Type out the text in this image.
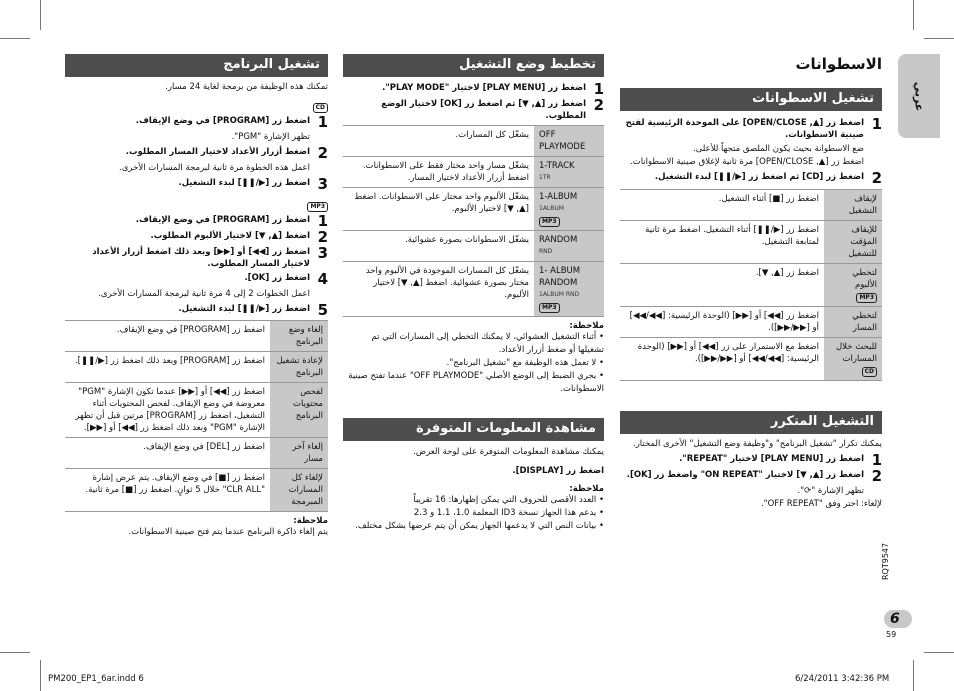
عربي
الاسطوانات
تشغيل الاسطوانات
1
اضغط زر [▲, OPEN/CLOSE] على الموحدة الرئيسية لفتح صينية الاسطوانات.
ضع الاسطوانة بحيث يكون الملصق متجهاً للأعلى.
اضغط زر [▲, OPEN/CLOSE] مرة ثانية لإغلاق صينية الاسطوانات.
2
اضغط زر [CD] ثم اضغط زر [▶/❚❚] لبدء التشغيل.
لإيقاف التشغيل	اضغط زر [■] أثناء التشغيل.
للإيقاف المؤقت للتشغيل	اضغط زر [▶/❚❚] أثناء التشغيل. اضغط مرة ثانية لمتابعة التشغيل.
لتخطي الألبوم
MP3	اضغط زر [▲, ▼].
لتخطي المسار	اضغط زر [◀◀] أو [▶▶] (الوحدة الرئيسية: [◀◀/◀◀] أو [▶▶/▶▶]).
للبحث خلال المسارات
CD	اضغط مع الاستمرار على زر [◀◀] أو [▶▶] (الوحدة الرئيسية: [◀◀/◀◀] أو [▶▶/▶▶]).
التشغيل المتكرر
يمكنك تكرار "تشغيل البرنامج" و"وظيفة وضع التشغيل" الأخرى المختار.
1
اضغط زر [PLAY MENU] لاختيار "REPEAT".
2
اضغط زر [▲, ▼] لاختيار "ON REPEAT" واضغط زر [OK].
تظهر الإشارة "⟳".
لإلغاء: اختر وفق "OFF REPEAT".
تخطيط وضع التشغيل
1
اضغط زر [PLAY MENU] لاختيار "PLAY MODE".
2
اضغط زر [▲, ▼] ثم اضغط زر [OK] لاختيار الوضع المطلوب.
OFF PLAYMODE	يشغّل كل المسارات.

1-TRACK
1TR	يشغّل مسار واحد مختار فقط على الاسطوانات. اضغط أزرار الأعداد لاختيار المسار.

1-ALBUM
1ALBUM
MP3	يشغّل الألبوم واحد مختار على الاسطوانات. اضغط [▲, ▼] لاختيار الألبوم.

RANDOM
RND	يشغّل الاسطوانات بصورة عشوائية.

1- ALBUM RANDOM
1ALBUM RND
MP3	يشغّل كل المسارات الموجودة في الألبوم واحد مختار بصورة عشوائية. اضغط [▲, ▼] لاختيار الألبوم.
ملاحظة:
• أثناء التشغيل العشوائي، لا يمكنك التخطي إلى المسارات التي تم تشغيلها أو ضغط أزرار الأعداد.
• لا تعمل هذه الوظيفة مع "تشغيل البرنامج".
• يجري الضبط إلى الوضع الأصلي "OFF PLAYMODE" عندما تفتح صينية الاسطوانات.
مشاهدة المعلومات المتوفرة
يمكنك مشاهدة المعلومات المتوفرة على لوحة العرض.
اضغط زر [DISPLAY].
ملاحظة:
• العدد الأقصى للحروف التي يمكن إظهارها: 16 تقريباً
• يدعم هذا الجهاز نسخة ID3 المعلمة 1.0، 1.1 و 2.3
• بيانات النص التي لا يدعمها الجهاز يمكن أن يتم عرضها بشكل مختلف.
تشغيل البرنامج
تمكنك هذه الوظيفة من برمجة لغاية 24 مسار.
CD
1
اضغط زر [PROGRAM] في وضع الإيقاف.
تظهر الإشارة "PGM".
2
اضغط أزرار الأعداد لاختيار المسار المطلوب.
اعمل هذه الخطوة مرة ثانية لبرمجة المسارات الأخرى.
3
اضغط زر [▶/❚❚] لبدء التشغيل.
MP3
1
اضغط زر [PROGRAM] في وضع الإيقاف.
2
اضغط [▲, ▼] لاختيار الألبوم المطلوب.
3
اضغط زر [◀◀] أو [▶▶] وبعد ذلك اضغط أزرار الأعداد لاختيار المسار المطلوب.
4
اضغط زر [OK].
اعمل الخطوات 2 إلى 4 مرة ثانية لبرمجة المسارات الأخرى.
5
اضغط زر [▶/❚❚] لبدء التشغيل.
إلغاء وضع البرنامج	اضغط زر [PROGRAM] في وضع الإيقاف.
لإعادة تشغيل البرنامج	اضغط زر [PROGRAM] وبعد ذلك اضغط زر [▶/❚❚].
لفحص محتويات البرنامج	اضغط زر [◀◀] أو [▶▶] عندما تكون الإشارة "PGM" معروضة في وضع الإيقاف. لفحص المحتويات أثناء التشغيل، اضغط زر [PROGRAM] مرتين قبل أن تظهر الإشارة "PGM" وبعد ذلك اضغط زر [◀◀] أو [▶▶].
إلغاء آخر مسار	اضغط زر [DEL] في وضع الإيقاف.
لإلغاء كل المسارات المبرمجة	اضغط زر [■] في وضع الإيقاف. يتم عرض إشارة "CLR ALL" خلال 5 ثوانٍ. اضغط زر [■] مرة ثانية.
ملاحظة:
يتم إلغاء ذاكرة البرنامج عندما يتم فتح صينية الاسطوانات.
RQT9547
6
59
PM200_EP1_6ar.indd 6	6/24/2011 3:42:36 PM
